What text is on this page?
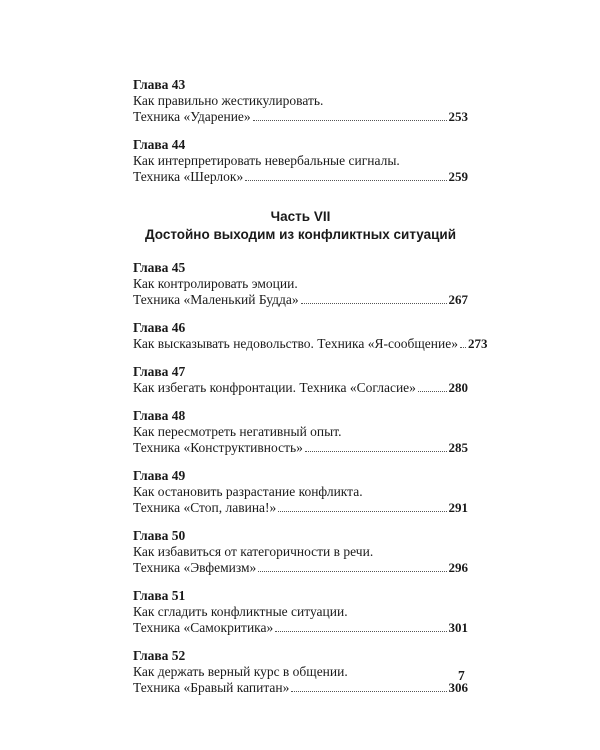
Глава 43
Как правильно жестикулировать.
Техника «Ударение»	253
Глава 44
Как интерпретировать невербальные сигналы.
Техника «Шерлок»	259
Часть VII
Достойно выходим из конфликтных ситуаций
Глава 45
Как контролировать эмоции.
Техника «Маленький Будда»	267
Глава 46
Как высказывать недовольство. Техника «Я-сообщение» 273
Глава 47
Как избегать конфронтации. Техника «Согласие»	280
Глава 48
Как пересмотреть негативный опыт.
Техника «Конструктивность»	285
Глава 49
Как остановить разрастание конфликта.
Техника «Стоп, лавина!»	291
Глава 50
Как избавиться от категоричности в речи.
Техника «Эвфемизм»	296
Глава 51
Как сгладить конфликтные ситуации.
Техника «Самокритика»	301
Глава 52
Как держать верный курс в общении.
Техника «Бравый капитан»	306
7
